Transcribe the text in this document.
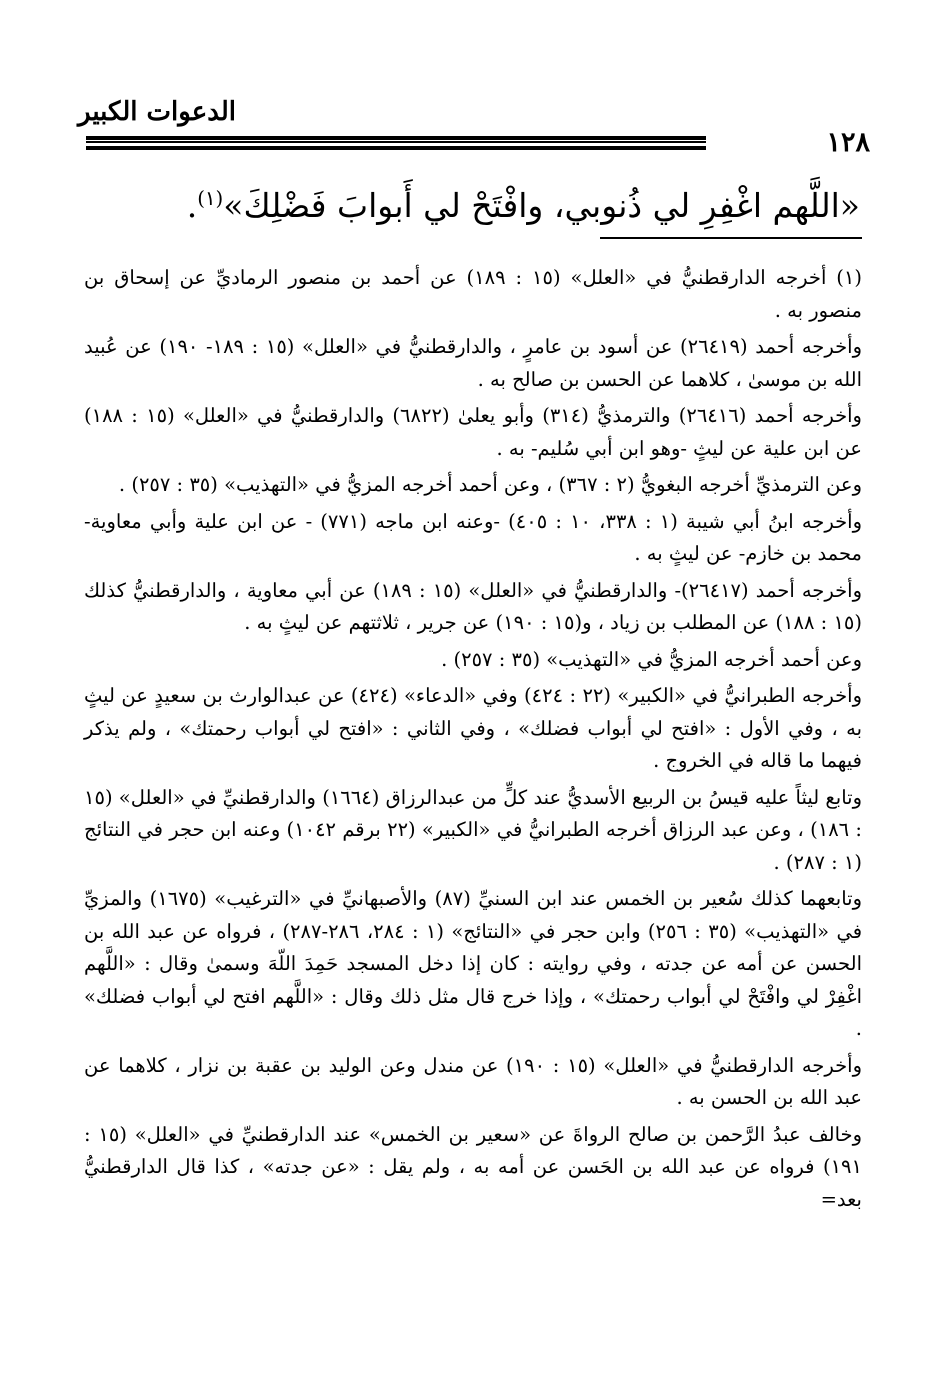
الدعوات الكبير
١٢٨
«اللَّهم اغْفِرِ لي ذُنوبي، وافْتَحْ لي أَبوابَ فَضْلِكَ»$^{(١)}$.

(١) أخرجه الدارقطنيُّ في «العلل» (١٥ : ١٨٩) عن أحمد بن منصور الرماديِّ عن إسحاق بن منصور به .

وأخرجه أحمد (٢٦٤١٩) عن أسود بن عامرٍ ، والدارقطنيُّ في «العلل» (١٥ : ١٨٩- ١٩٠) عن عُبيد الله بن موسىٰ ، كلاهما عن الحسن بن صالح به .

وأخرجه أحمد (٢٦٤١٦) والترمذيُّ (٣١٤) وأبو يعلىٰ (٦٨٢٢) والدارقطنيُّ في «العلل» (١٥ : ١٨٨) عن ابن علية عن ليثٍ -وهو ابن أبي سُليم- به .

وعن الترمذيِّ أخرجه البغويُّ (٢ : ٣٦٧) ، وعن أحمد أخرجه المزيُّ في «التهذيب» (٣٥ : ٢٥٧) .

وأخرجه ابنُ أبي شيبة (١ : ٣٣٨، ١٠ : ٤٠٥) -وعنه ابن ماجه (٧٧١) - عن ابن علية وأبي معاوية-محمد بن خازم- عن ليثٍ به .

وأخرجه أحمد (٢٦٤١٧)- والدارقطنيُّ في «العلل» (١٥ : ١٨٩) عن أبي معاوية ، والدارقطنيُّ كذلك (١٥ : ١٨٨) عن المطلب بن زياد ، و(١٥ : ١٩٠) عن جرير ، ثلاثتهم عن ليثٍ به .

وعن أحمد أخرجه المزيُّ في «التهذيب» (٣٥ : ٢٥٧) .

وأخرجه الطبرانيُّ في «الكبير» (٢٢ : ٤٢٤) وفي «الدعاء» (٤٢٤) عن عبدالوارث بن سعيدٍ عن ليثٍ به ، وفي الأول : «افتح لي أبواب فضلك» ، وفي الثاني : «افتح لي أبواب رحمتك» ، ولم يذكر فيهما ما قاله في الخروج .

وتابع ليثاً عليه قيسُ بن الربيع الأسديُّ عند كلٍّ من عبدالرزاق (١٦٦٤) والدارقطنيِّ في «العلل» (١٥ : ١٨٦) ، وعن عبد الرزاق أخرجه الطبرانيُّ في «الكبير» (٢٢ برقم ١٠٤٢) وعنه ابن حجر في النتائج (١ : ٢٨٧) .

وتابعهما كذلك سُعير بن الخمس عند ابن السنيِّ (٨٧) والأصبهانيِّ في «الترغيب» (١٦٧٥) والمزيِّ في «التهذيب» (٣٥ : ٢٥٦) وابن حجر في «النتائج» (١ : ٢٨٤، ٢٨٦-٢٨٧) ، فرواه عن عبد الله بن الحسن عن أمه عن جدته ، وفي روايته : كان إذا دخل المسجد حَمِدَ اللّهَ وسمىٰ وقال : «اللَّهم اغْفِرْ لي وافْتَحْ لي أبواب رحمتك» ، وإذا خرج قال مثل ذلك وقال : «اللَّهم افتح لي أبواب فضلك» .

وأخرجه الدارقطنيُّ في «العلل» (١٥ : ١٩٠) عن مندل وعن الوليد بن عقبة بن نزار ، كلاهما عن عبد الله بن الحسن به .

وخالف عبدُ الرَّحمن بن صالح الرواةَ عن «سعير بن الخمس» عند الدارقطنيِّ في «العلل» (١٥ : ١٩١) فرواه عن عبد الله بن الحَسن عن أمه به ، ولم يقل : «عن جدته» ، كذا قال الدارقطنيُّ بعد=
